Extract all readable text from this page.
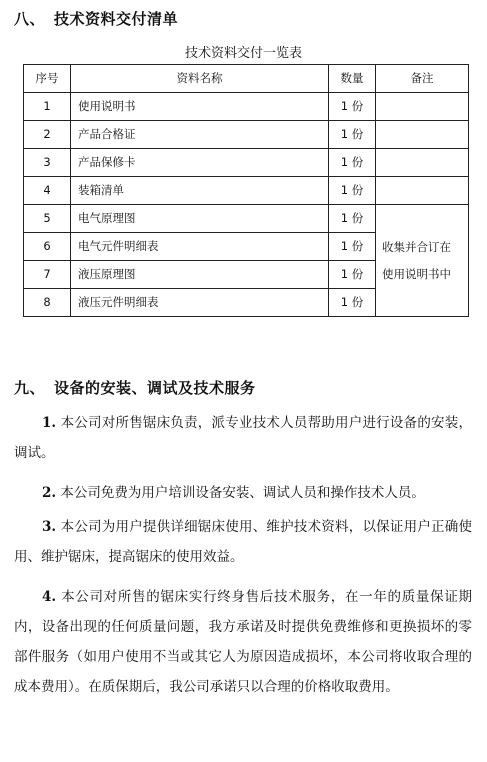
八、 技术资料交付清单
技术资料交付一览表
序号	资料名称	数量	备注
1	使用说明书	1 份	
2	产品合格证	1 份	
3	产品保修卡	1 份	
4	装箱清单	1 份	
5	电气原理图	1 份	收集并合订在
使用说明书中

6	电气元件明细表	1 份	
7	液压原理图	1 份	
8	液压元件明细表	1 份	
九、 设备的安装、调试及技术服务
1. 本公司对所售锯床负责，派专业技术人员帮助用户进行设备的安装，调试。
2. 本公司免费为用户培训设备安装、调试人员和操作技术人员。
3. 本公司为用户提供详细锯床使用、维护技术资料，以保证用户正确使用、维护锯床，提高锯床的使用效益。
4. 本公司对所售的锯床实行终身售后技术服务，在一年的质量保证期内，设备出现的任何质量问题，我方承诺及时提供免费维修和更换损坏的零部件服务（如用户使用不当或其它人为原因造成损坏，本公司将收取合理的成本费用）。在质保期后，我公司承诺只以合理的价格收取费用。
